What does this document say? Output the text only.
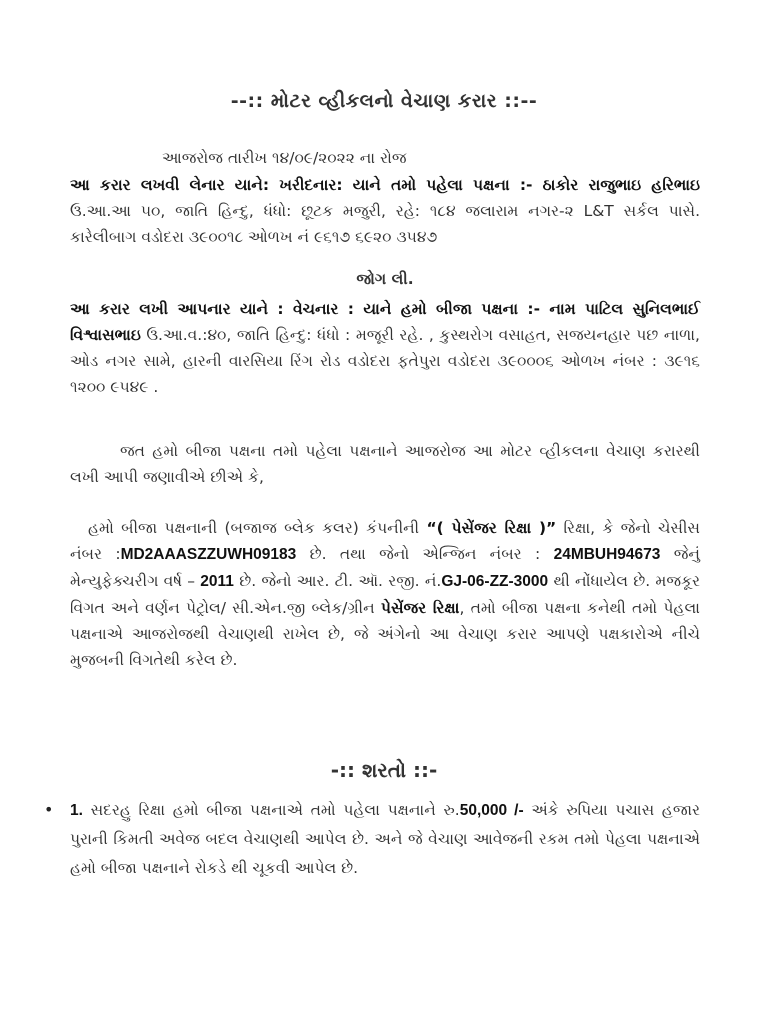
--:: મોટર વ્હીકલનો વેચાણ કરાર ::--
આજરોજ તારીખ ૧૪/૦૯/૨૦૨૨ ના રોજ
આ કરાર લખવી લેનાર યાને: ખરીદનાર: યાને તમો પહેલા પક્ષના :- ઠાકોર રાજુભાઇ હરિભાઇ ઉ.આ.આ ૫૦, જાતિ હિન્દુ, ધંધો: છૂટક મજુરી, રહે: ૧૮૪ જલારામ નગર-૨ L&T સર્કલ પાસે. કારેલીબાગ વડોદરા ૩૯૦૦૧૮ ઓળખ નં ૯૬૧૭ ૬૯૨૦ ૩૫૪૭
જોગ લી.
આ કરાર લખી આપનાર યાને : વેચનાર : યાને હમો બીજા પક્ષના :- નામ પાટિલ સુનિલભાઈ વિશ્વાસભાઇ ઉ.આ.વ.:૪૦, જાતિ હિન્દુ: ધંધો : મજૂરી રહે. , કુસ્થરોગ વસાહત, સજયનહાર પછ નાળા, ઓડ નગર સામે, હારની વારસિયા રિંગ રોડ વડોદરા ફતેપુરા વડોદરા ૩૯૦૦૦૬ ઓળખ નંબર : ૩૯૧૬ ૧૨૦૦ ૯૫૪૯ .
જત હમો બીજા પક્ષના તમો પહેલા પક્ષનાને આજરોજ આ મોટર વ્હીકલના વેચાણ કરારથી લખી આપી જણાવીએ છીએ કે,
હમો બીજા પક્ષનાની (બજાજ બ્લેક કલર) કંપનીની “( પેસેંજર રિક્ષા )” રિક્ષા, કે જેનો ચેસીસ નંબર :MD2AAASZZUWH09183 છે. તથા જેનો એન્જિન નંબર : 24MBUH94673 જેનું મેન્યુફેક્ચરીગ વર્ષ – 2011 છે. જેનો આર. ટી. ઑ. રજી. નં.GJ-06-ZZ-3000 થી નોંધાયેલ છે. મજકૂર વિગત અને વર્ણન પેટ્રોલ/ સી.એન.જી બ્લેક/ગ્રીન પેસેંજર રિક્ષા, તમો બીજા પક્ષના કનેથી તમો પેહલા પક્ષનાએ આજરોજથી વેચાણથી રાખેલ છે, જે અંગેનો આ વેચાણ કરાર આપણે પક્ષકારોએ નીચે મુજબની વિગતેથી કરેલ છે.
-:: શરતો ::-
• 1. સદરહુ રિક્ષા હમો બીજા પક્ષનાએ તમો પહેલા પક્ષનાને રુ.50,000 /- અંકે રુપિયા પચાસ હજાર પુરાની કિમતી અવેજ બદલ વેચાણથી આપેલ છે. અને જે વેચાણ આવેજની રકમ તમો પેહલા પક્ષનાએ હમો બીજા પક્ષનાને રોકડે થી ચૂકવી આપેલ છે.
